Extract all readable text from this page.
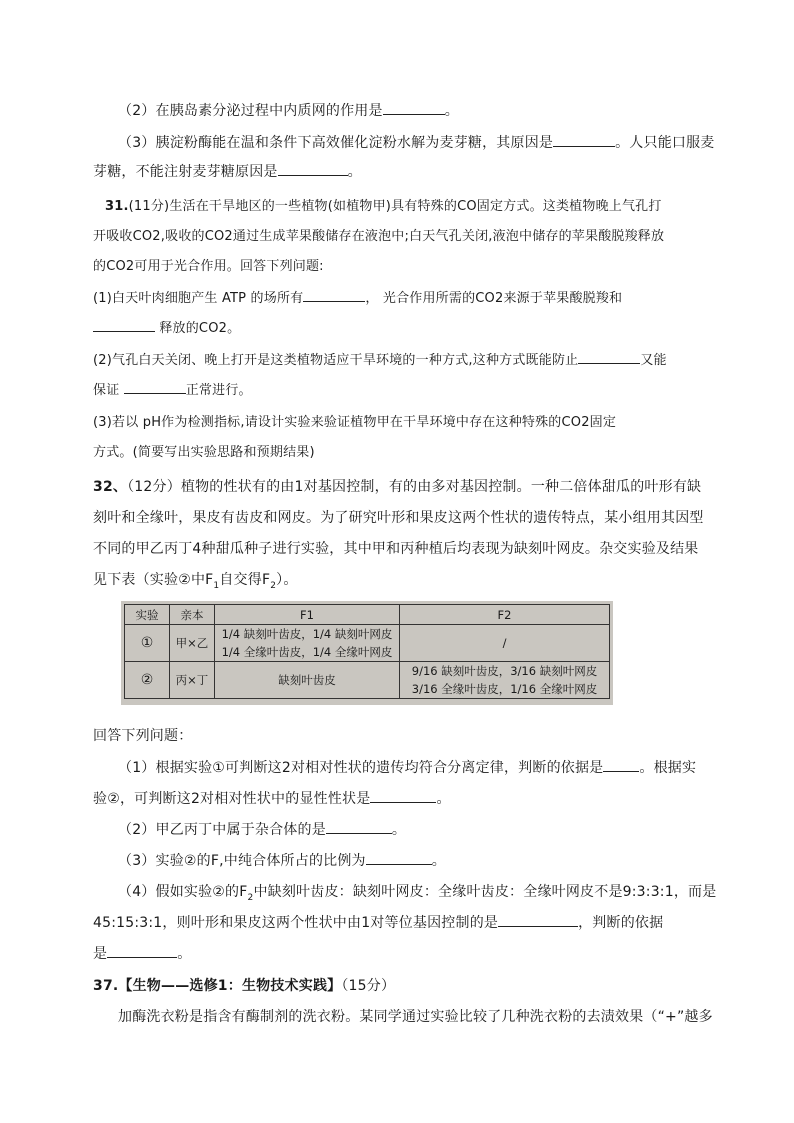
（2）在胰岛素分泌过程中内质网的作用是	。
（3）胰淀粉酶能在温和条件下高效催化淀粉水解为麦芽糖，其原因是	。人只能口服麦
芽糖，不能注射麦芽糖原因是	。
31.(11分)生活在干旱地区的一些植物(如植物甲)具有特殊的CO固定方式。这类植物晚上气孔打
开吸收CO2,吸收的CO2通过生成苹果酸储存在液泡中;白天气孔关闭,液泡中储存的苹果酸脱羧释放
的CO2可用于光合作用。回答下列问题:
(1)白天叶肉细胞产生 ATP 的场所有	， 光合作用所需的CO2来源于苹果酸脱羧和
释放的CO2。
(2)气孔白天关闭、晚上打开是这类植物适应干旱环境的一种方式,这种方式既能防止	又能
保证	正常进行。
(3)若以 pH作为检测指标,请设计实验来验证植物甲在干旱环境中存在这种特殊的CO2固定
方式。(简要写出实验思路和预期结果)
32、（12分）植物的性状有的由1对基因控制，有的由多对基因控制。一种二倍体甜瓜的叶形有缺
刻叶和全缘叶，果皮有齿皮和网皮。为了研究叶形和果皮这两个性状的遗传特点，某小组用其因型
不同的甲乙丙丁4种甜瓜种子进行实验，其中甲和丙种植后均表现为缺刻叶网皮。杂交实验及结果
见下表（实验②中$F_1$自交得$F_2$）。
实验	亲本	F1	F2
①	甲×乙	1/4 缺刻叶齿皮，1/4 缺刻叶网皮	/
		1/4 全缘叶齿皮，1/4 全缘叶网皮	
②	丙×丁	缺刻叶齿皮	9/16 缺刻叶齿皮，3/16 缺刻叶网皮
			3/16 全缘叶齿皮，1/16 全缘叶网皮
回答下列问题：
（1）根据实验①可判断这2对相对性状的遗传均符合分离定律，判断的依据是	。根据实
验②，可判断这2对相对性状中的显性性状是	。
（2）甲乙丙丁中属于杂合体的是	。
（3）实验②的F,中纯合体所占的比例为	。
（4）假如实验②的$F_2$中缺刻叶齿皮：缺刻叶网皮：全缘叶齿皮：全缘叶网皮不是9:3:3:1，而是
45:15:3:1，则叶形和果皮这两个性状中由1对等位基因控制的是	，判断的依据
是	。
37.【生物——选修1：生物技术实践】（15分）
加酶洗衣粉是指含有酶制剂的洗衣粉。某同学通过实验比较了几种洗衣粉的去渍效果（“+”越多
